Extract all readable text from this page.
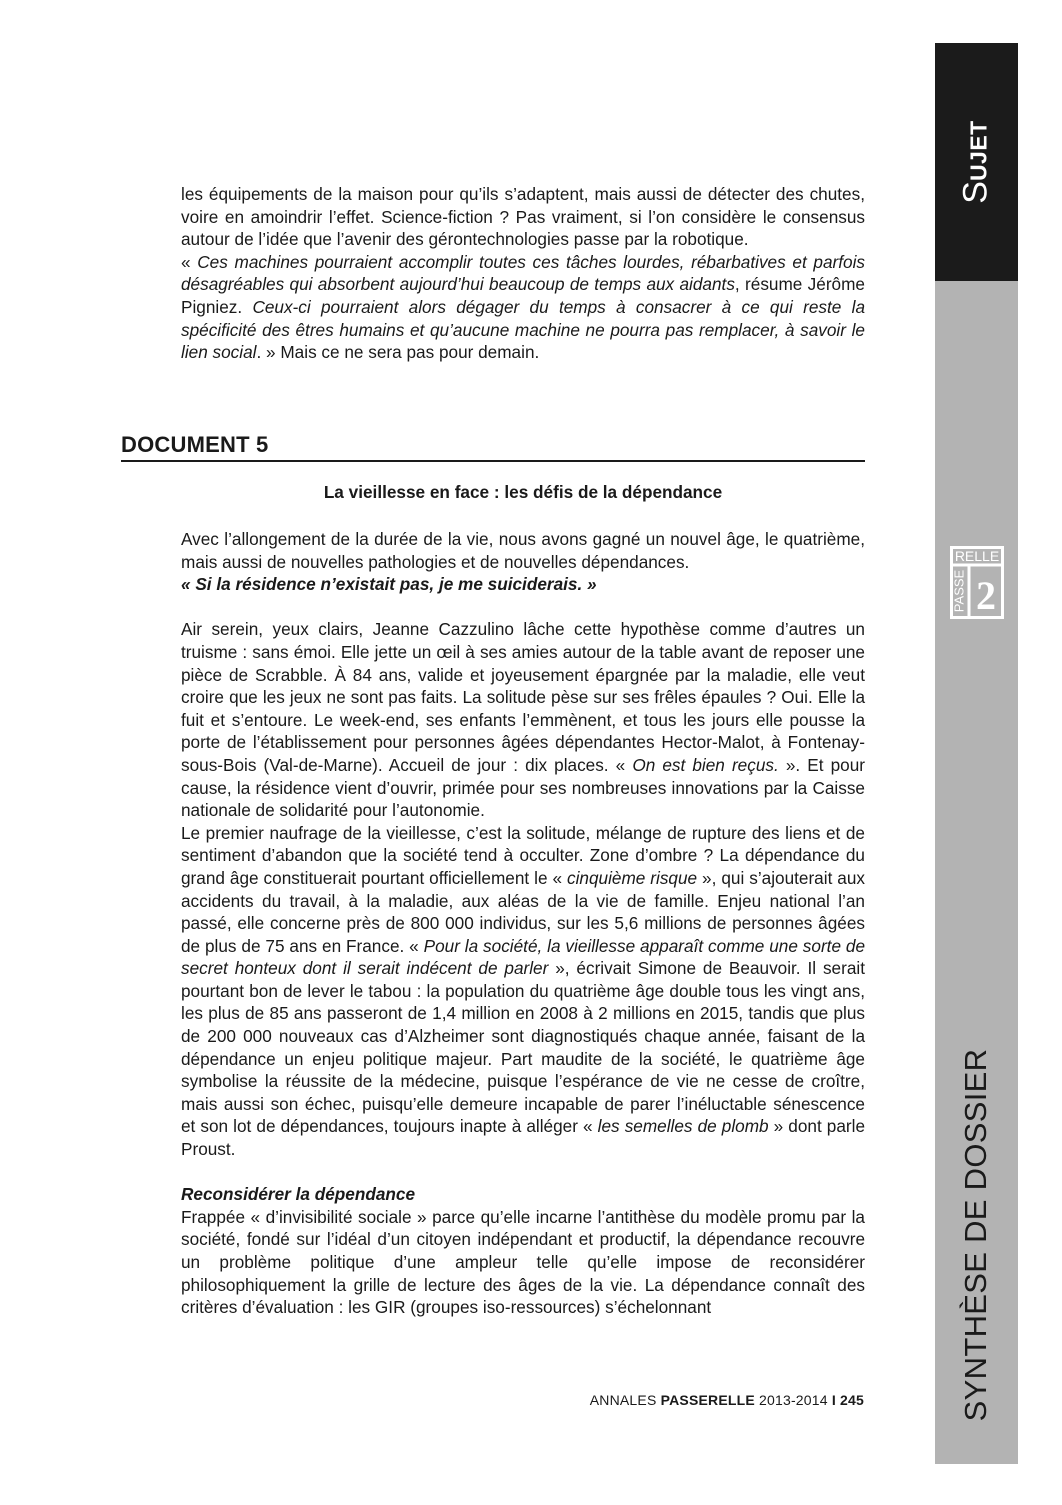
les équipements de la maison pour qu’ils s’adaptent, mais aussi de détecter des chutes, voire en amoindrir l’effet. Science-fiction ? Pas vraiment, si l’on considère le consensus autour de l’idée que l’avenir des gérontechnologies passe par la robotique.

« Ces machines pourraient accomplir toutes ces tâches lourdes, rébarbatives et parfois désagréables qui absorbent aujourd’hui beaucoup de temps aux aidants, résume Jérôme Pigniez. Ceux-ci pourraient alors dégager du temps à consacrer à ce qui reste la spécificité des êtres humains et qu’aucune machine ne pourra pas remplacer, à savoir le lien social. » Mais ce ne sera pas pour demain.

DOCUMENT 5
La vieillesse en face : les défis de la dépendance

Avec l’allongement de la durée de la vie, nous avons gagné un nouvel âge, le quatrième, mais aussi de nouvelles pathologies et de nouvelles dépendances.

« Si la résidence n’existait pas, je me suiciderais. »

Air serein, yeux clairs, Jeanne Cazzulino lâche cette hypothèse comme d’autres un truisme : sans émoi. Elle jette un œil à ses amies autour de la table avant de reposer une pièce de Scrabble. À 84 ans, valide et joyeusement épargnée par la maladie, elle veut croire que les jeux ne sont pas faits. La solitude pèse sur ses frêles épaules ? Oui. Elle la fuit et s’entoure. Le week-end, ses enfants l’emmènent, et tous les jours elle pousse la porte de l’établissement pour personnes âgées dépendantes Hector-Malot, à Fontenay-sous-Bois (Val-de-Marne). Accueil de jour : dix places. « On est bien reçus. ». Et pour cause, la résidence vient d’ouvrir, primée pour ses nombreuses innovations par la Caisse nationale de solidarité pour l’autonomie.

Le premier naufrage de la vieillesse, c’est la solitude, mélange de rupture des liens et de sentiment d’abandon que la société tend à occulter. Zone d’ombre ? La dépendance du grand âge constituerait pourtant officiellement le « cinquième risque », qui s’ajouterait aux accidents du travail, à la maladie, aux aléas de la vie de famille. Enjeu national l’an passé, elle concerne près de 800 000 individus, sur les 5,6 millions de personnes âgées de plus de 75 ans en France. « Pour la société, la vieillesse apparaît comme une sorte de secret honteux dont il serait indécent de parler », écrivait Simone de Beauvoir. Il serait pourtant bon de lever le tabou : la population du quatrième âge double tous les vingt ans, les plus de 85 ans passeront de 1,4 million en 2008 à 2 millions en 2015, tandis que plus de 200 000 nouveaux cas d’Alzheimer sont diagnostiqués chaque année, faisant de la dépendance un enjeu politique majeur. Part maudite de la société, le quatrième âge symbolise la réussite de la médecine, puisque l’espérance de vie ne cesse de croître, mais aussi son échec, puisqu’elle demeure incapable de parer l’inéluctable sénescence et son lot de dépendances, toujours inapte à alléger « les semelles de plomb » dont parle Proust.

Reconsidérer la dépendance

Frappée « d’invisibilité sociale » parce qu’elle incarne l’antithèse du modèle promu par la société, fondé sur l’idéal d’un citoyen indépendant et productif, la dépendance recouvre un problème politique d’une ampleur telle qu’elle impose de reconsidérer philosophiquement la grille de lecture des âges de la vie. La dépendance connaît des critères d’évaluation : les GIR (groupes iso-ressources) s’échelonnant

ANNALES PASSERELLE 2013-2014 I 245
SUJET
RELLE
PASSE 2
SYNTHÈSE DE DOSSIER
